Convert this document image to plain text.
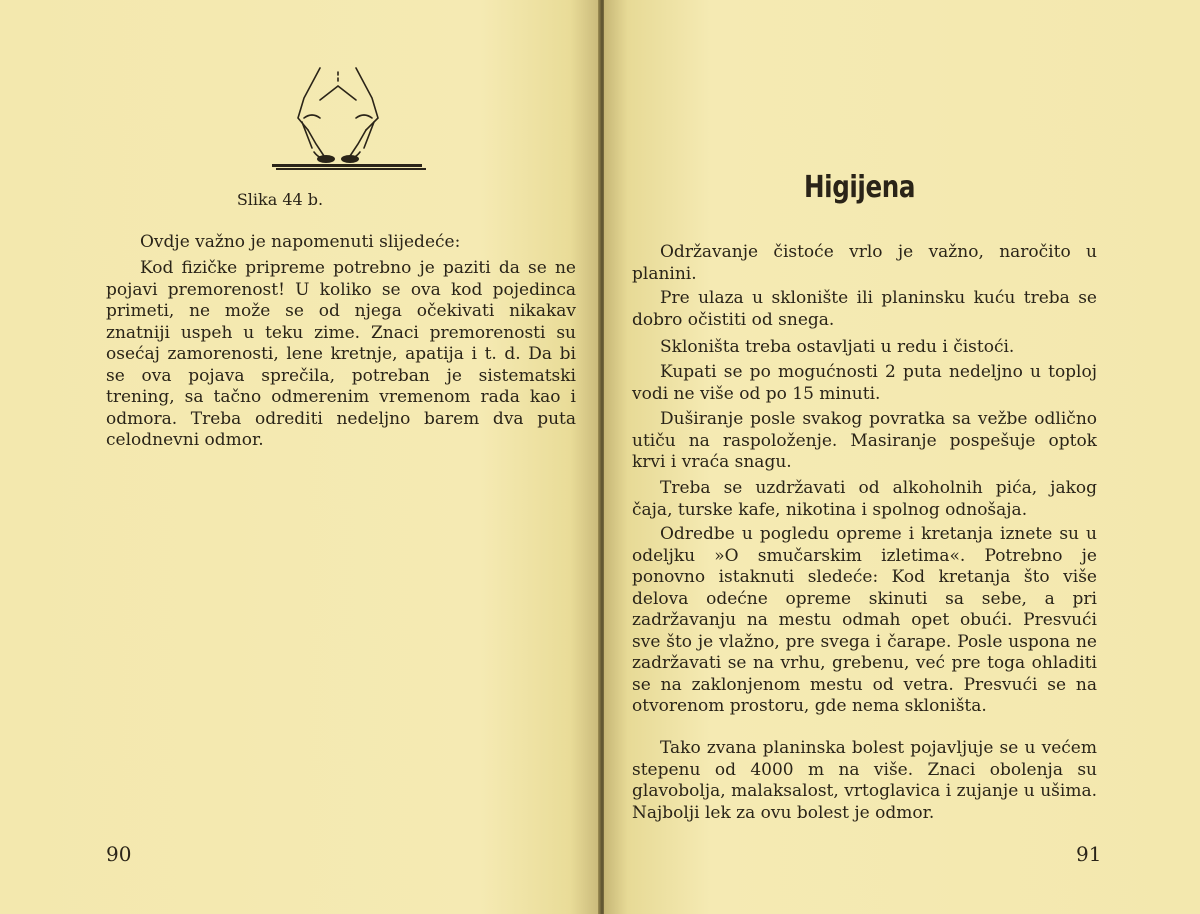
Slika 44 b.

Ovdje važno je napomenuti slijedeće:

Kod fizičke pripreme potrebno je paziti da se ne pojavi premorenost! U koliko se ova kod pojedinca primeti, ne može se od njega očekivati nikakav znatniji uspeh u teku zime. Znaci premorenosti su osećaj zamorenosti, lene kretnje, apatija i t. d. Da bi se ova pojava sprečila, potreban je sistematski trening, sa tačno odmerenim vremenom rada kao i odmora. Treba odrediti nedeljno barem dva puta celodnevni odmor.

90
Higijena

Održavanje čistoće vrlo je važno, naročito u planini.

Pre ulaza u sklonište ili planinsku kuću treba se dobro očistiti od snega.

Skloništa treba ostavljati u redu i čistoći.

Kupati se po mogućnosti 2 puta nedeljno u toploj vodi ne više od po 15 minuti.

Duširanje posle svakog povratka sa vežbe odlično utiču na raspoloženje. Masiranje pospešuje optok krvi i vraća snagu.

Treba se uzdržavati od alkoholnih pića, jakog čaja, turske kafe, nikotina i spolnog odnošaja.

Odredbe u pogledu opreme i kretanja iznete su u odeljku »O smučarskim izletima«. Potrebno je ponovno istaknuti sledeće: Kod kretanja što više delova odećne opreme skinuti sa sebe, a pri zadržavanju na mestu odmah opet obući. Presvući sve što je vlažno, pre svega i čarape. Posle uspona ne zadržavati se na vrhu, grebenu, već pre toga ohladiti se na zaklonjenom mestu od vetra. Presvući se na otvorenom prostoru, gde nema skloništa.

Tako zvana planinska bolest pojavljuje se u većem stepenu od 4000 m na više. Znaci obolenja su glavobolja, malaksalost, vrtoglavica i zujanje u ušima. Najbolji lek za ovu bolest je odmor.

91
